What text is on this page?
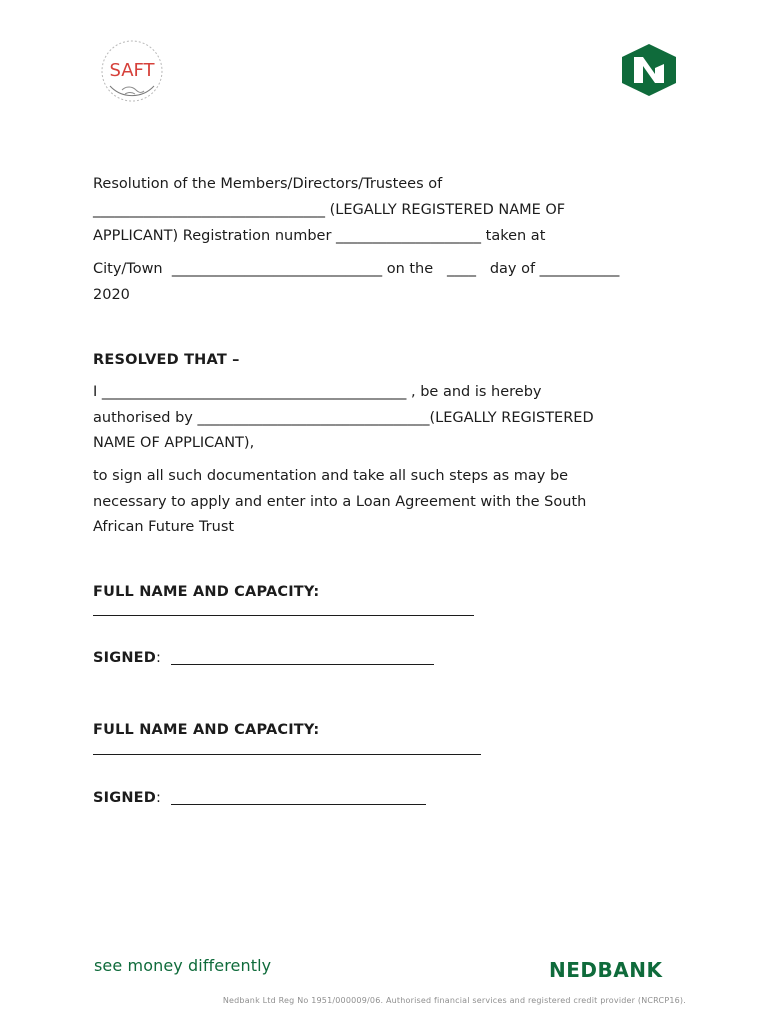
SAFT
Resolution of the Members/Directors/Trustees of
________________________________ (LEGALLY REGISTERED NAME OF
APPLICANT) Registration number ____________________ taken at
City/Town  _____________________________ on the   ____   day of ___________
2020
RESOLVED THAT –
I __________________________________________ , be and is hereby
authorised by ________________________________(LEGALLY REGISTERED
NAME OF APPLICANT),
to sign all such documentation and take all such steps as may be
necessary to apply and enter into a Loan Agreement with the South
African Future Trust
FULL NAME AND CAPACITY:
SIGNED:
FULL NAME AND CAPACITY:
SIGNED:
see money differently	NEDBANK
Nedbank Ltd Reg No 1951/000009/06. Authorised financial services and registered credit provider (NCRCP16).
